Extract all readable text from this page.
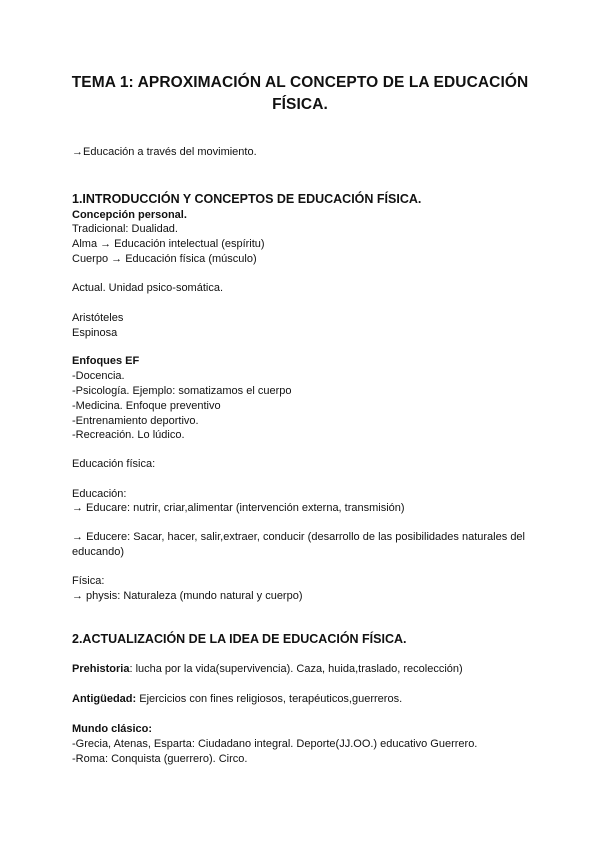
TEMA 1: APROXIMACIÓN AL CONCEPTO DE LA EDUCACIÓN FÍSICA.
→Educación a través del movimiento.
1.INTRODUCCIÓN Y CONCEPTOS DE EDUCACIÓN FÍSICA.
Concepción personal.
Tradicional: Dualidad.
Alma → Educación intelectual (espíritu)
Cuerpo → Educación física (músculo)
Actual. Unidad psico-somática.
Aristóteles
Espinosa
Enfoques EF
-Docencia.
-Psicología. Ejemplo: somatizamos el cuerpo
-Medicina. Enfoque preventivo
-Entrenamiento deportivo.
-Recreación. Lo lúdico.
Educación física:
Educación:
→ Educare: nutrir, criar,alimentar (intervención externa, transmisión)
→ Educere: Sacar, hacer, salir,extraer, conducir (desarrollo de las posibilidades naturales del educando)
Física:
→ physis: Naturaleza (mundo natural y cuerpo)
2.ACTUALIZACIÓN DE LA IDEA DE EDUCACIÓN FÍSICA.
Prehistoria: lucha por la vida(supervivencia). Caza, huida,traslado, recolección)
Antigüedad: Ejercicios con fines religiosos, terapéuticos,guerreros.
Mundo clásico:
-Grecia, Atenas, Esparta: Ciudadano integral. Deporte(JJ.OO.) educativo Guerrero.
-Roma: Conquista (guerrero). Circo.
